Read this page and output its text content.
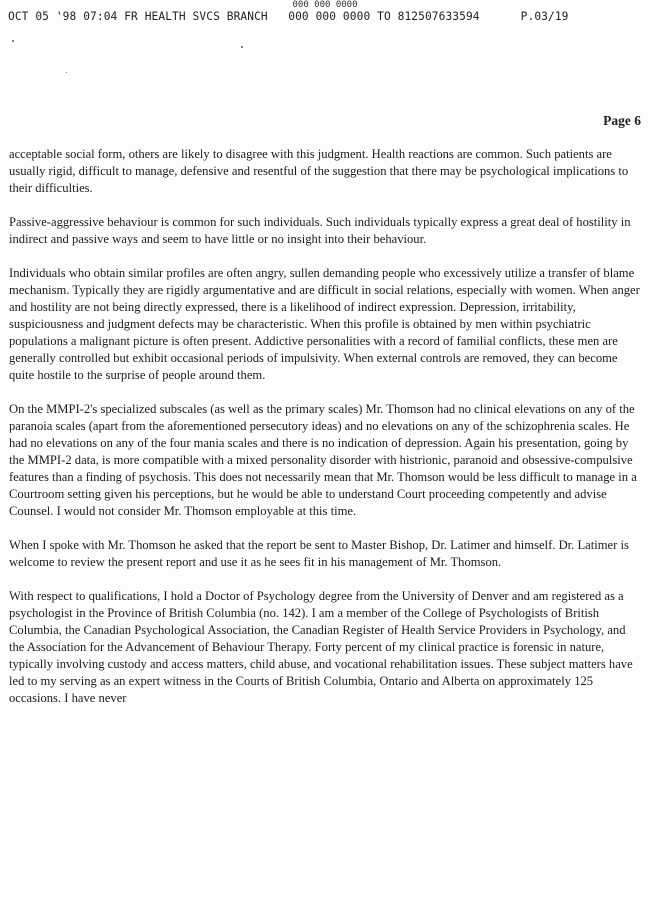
000 000 0000
OCT 05 '98 07:04 FR HEALTH SVCS BRANCH   000 000 0000 TO 812507633594      P.03/19
Page 6

acceptable social form, others are likely to disagree with this judgment. Health reactions are common. Such patients are usually rigid, difficult to manage, defensive and resentful of the suggestion that there may be psychological implications to their difficulties.

Passive-aggressive behaviour is common for such individuals. Such individuals typically express a great deal of hostility in indirect and passive ways and seem to have little or no insight into their behaviour.

Individuals who obtain similar profiles are often angry, sullen demanding people who excessively utilize a transfer of blame mechanism. Typically they are rigidly argumentative and are difficult in social relations, especially with women. When anger and hostility are not being directly expressed, there is a likelihood of indirect expression. Depression, irritability, suspiciousness and judgment defects may be characteristic. When this profile is obtained by men within psychiatric populations a malignant picture is often present. Addictive personalities with a record of familial conflicts, these men are generally controlled but exhibit occasional periods of impulsivity. When external controls are removed, they can become quite hostile to the surprise of people around them.

On the MMPI-2's specialized subscales (as well as the primary scales) Mr. Thomson had no clinical elevations on any of the paranoia scales (apart from the aforementioned persecutory ideas) and no elevations on any of the schizophrenia scales. He had no elevations on any of the four mania scales and there is no indication of depression. Again his presentation, going by the MMPI-2 data, is more compatible with a mixed personality disorder with histrionic, paranoid and obsessive-compulsive features than a finding of psychosis. This does not necessarily mean that Mr. Thomson would be less difficult to manage in a Courtroom setting given his perceptions, but he would be able to understand Court proceeding competently and advise Counsel. I would not consider Mr. Thomson employable at this time.

When I spoke with Mr. Thomson he asked that the report be sent to Master Bishop, Dr. Latimer and himself. Dr. Latimer is welcome to review the present report and use it as he sees fit in his management of Mr. Thomson.

With respect to qualifications, I hold a Doctor of Psychology degree from the University of Denver and am registered as a psychologist in the Province of British Columbia (no. 142). I am a member of the College of Psychologists of British Columbia, the Canadian Psychological Association, the Canadian Register of Health Service Providers in Psychology, and the Association for the Advancement of Behaviour Therapy. Forty percent of my clinical practice is forensic in nature, typically involving custody and access matters, child abuse, and vocational rehabilitation issues. These subject matters have led to my serving as an expert witness in the Courts of British Columbia, Ontario and Alberta on approximately 125 occasions. I have never
